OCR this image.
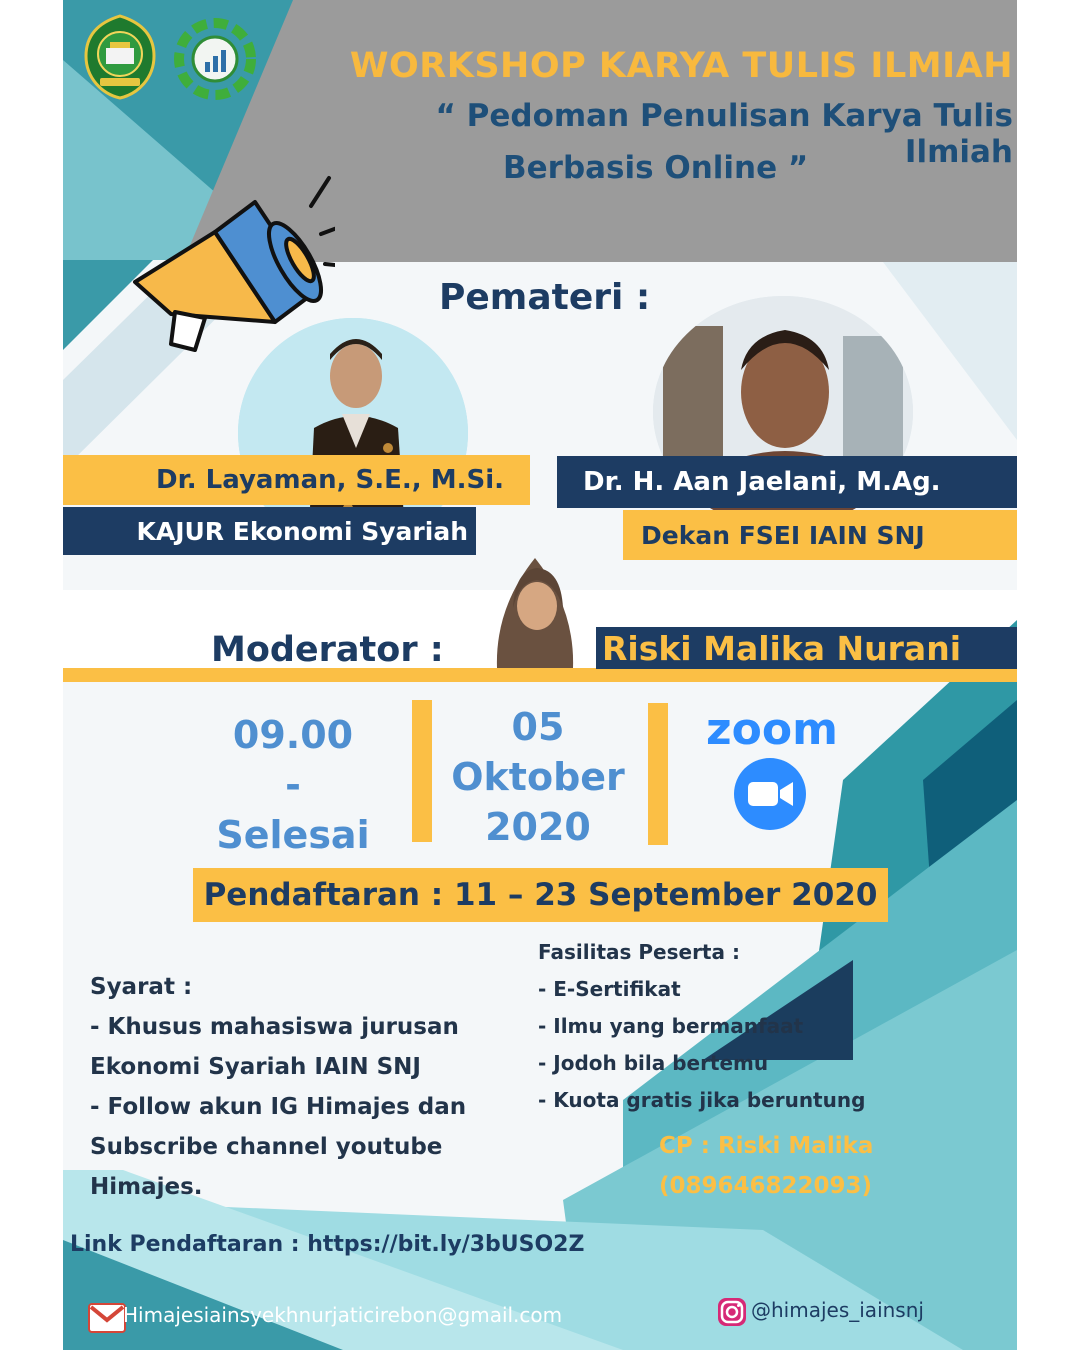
WORKSHOP KARYA TULIS ILMIAH
“ Pedoman Penulisan Karya Tulis Ilmiah
Berbasis Online ”
Pemateri :
Dr. Layaman, S.E., M.Si.
KAJUR Ekonomi Syariah
Dr. H. Aan Jaelani, M.Ag.
Dekan FSEI IAIN SNJ
Moderator :	Riski Malika Nurani
09.00
-
Selesai
05
Oktober
2020
zoom
Pendaftaran : 11 – 23 September 2020
Syarat :
- Khusus mahasiswa jurusan
Ekonomi Syariah IAIN SNJ
- Follow akun IG Himajes dan
Subscribe channel youtube
Himajes.
Fasilitas Peserta :
- E-Sertifikat
- Ilmu yang bermanfaat
- Jodoh bila bertemu
- Kuota gratis jika beruntung
CP : Riski Malika
(089646822093)
Link Pendaftaran : https://bit.ly/3bUSO2Z
Himajesiainsyekhnurjaticirebon@gmail.com	@himajes_iainsnj
